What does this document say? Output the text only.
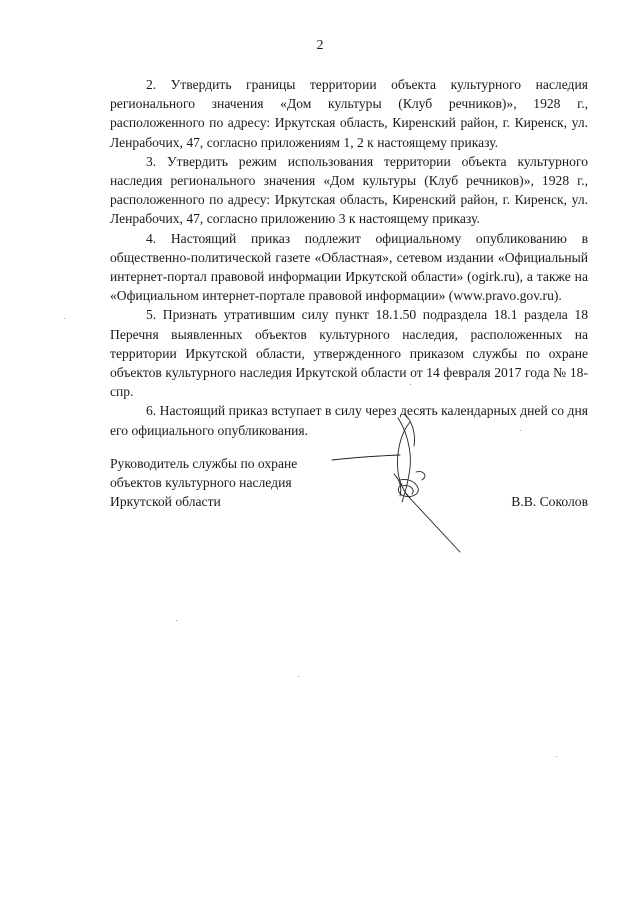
2

2. Утвердить границы территории объекта культурного наследия регионального значения «Дом культуры (Клуб речников)», 1928 г., расположенного по адресу: Иркутская область, Киренский район, г. Киренск, ул. Ленрабочих, 47, согласно приложениям 1, 2 к настоящему приказу.

3. Утвердить режим использования территории объекта культурного наследия регионального значения «Дом культуры (Клуб речников)», 1928 г., расположенного по адресу: Иркутская область, Киренский район, г. Киренск, ул. Ленрабочих, 47, согласно приложению 3 к настоящему приказу.

4. Настоящий приказ подлежит официальному опубликованию в общественно-политической газете «Областная», сетевом издании «Официальный интернет-портал правовой информации Иркутской области» (ogirk.ru), а также на «Официальном интернет-портале правовой информации» (www.pravo.gov.ru).

5. Признать утратившим силу пункт 18.1.50 подраздела 18.1 раздела 18 Перечня выявленных объектов культурного наследия, расположенных на территории Иркутской области, утвержденного приказом службы по охране объектов культурного наследия Иркутской области от 14 февраля 2017 года № 18-спр.

6. Настоящий приказ вступает в силу через десять календарных дней со дня его официального опубликования.

Руководитель службы по охране
объектов культурного наследия
Иркутской области	В.В. Соколов
